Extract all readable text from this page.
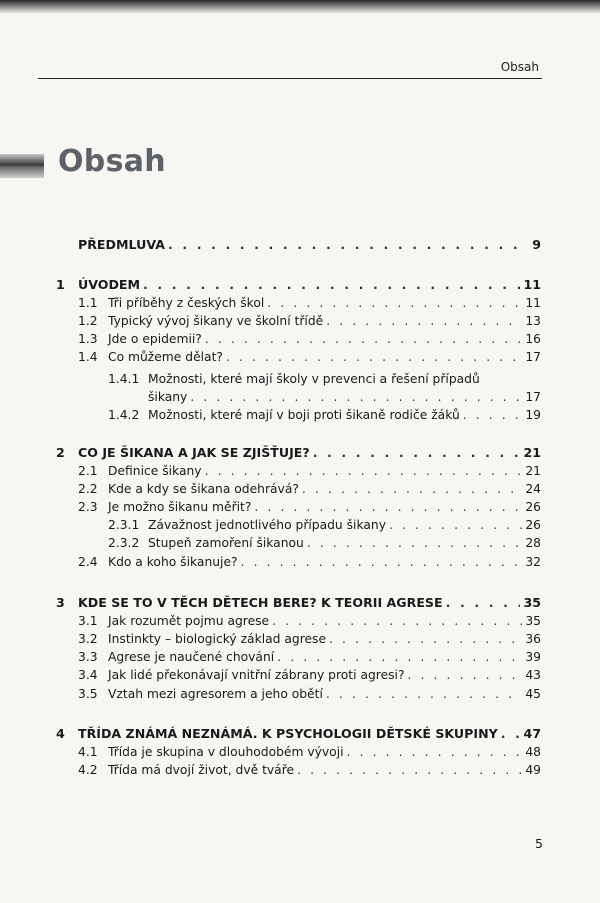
Obsah
Obsah
PŘEDMLUVA . . .	9
1 ÚVODEM . . .	11
1.1 Tři příběhy z českých škol . . .	11
1.2 Typický vývoj šikany ve školní třídě . . .	13
1.3 Jde o epidemii? . . .	16
1.4 Co můžeme dělat? . . .	17
1.4.1 Možnosti, které mají školy v prevenci a řešení případů
šikany . . .	17
1.4.2 Možnosti, které mají v boji proti šikaně rodiče žáků . . .	19
2 CO JE ŠIKANA A JAK SE ZJIŠŤUJE? . . .	21
2.1 Definice šikany . . .	21
2.2 Kde a kdy se šikana odehrává? . . .	24
2.3 Je možno šikanu měřit? . . .	26
2.3.1 Závažnost jednotlivého případu šikany . . .	26
2.3.2 Stupeň zamoření šikanou . . .	28
2.4 Kdo a koho šikanuje? . . .	32
3 KDE SE TO V TĚCH DĚTECH BERE? K TEORII AGRESE . . .	35
3.1 Jak rozumět pojmu agrese . . .	35
3.2 Instinkty – biologický základ agrese . . .	36
3.3 Agrese je naučené chování . . .	39
3.4 Jak lidé překonávají vnitřní zábrany proti agresi? . . .	43
3.5 Vztah mezi agresorem a jeho obětí . . .	45
4 TŘÍDA ZNÁMÁ NEZNÁMÁ. K PSYCHOLOGII DĚTSKÉ SKUPINY . . . 47
4.1 Třída je skupina v dlouhodobém vývoji . . .	48
4.2 Třída má dvojí život, dvě tváře . . .	49
5
